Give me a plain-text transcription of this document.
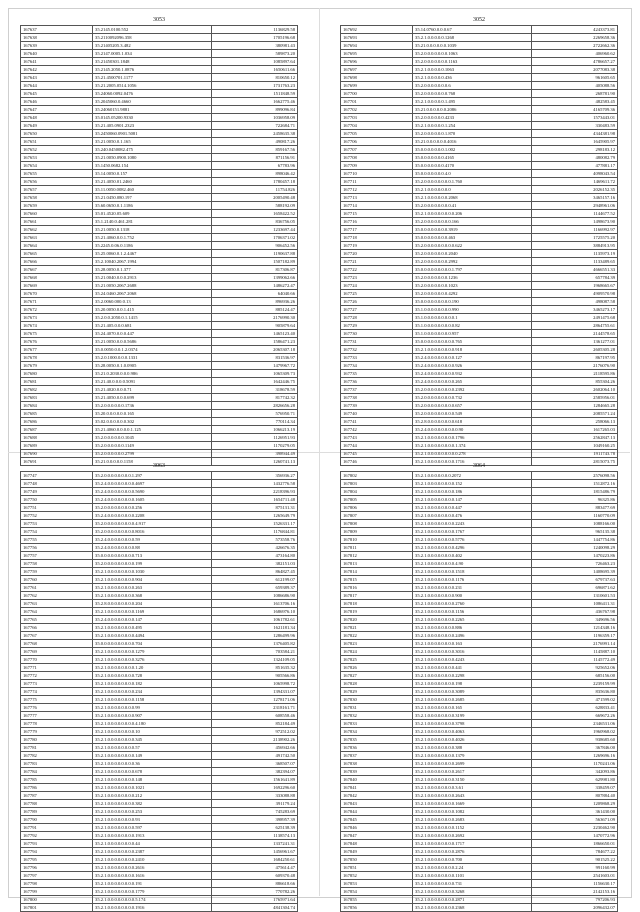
3053
167637	35.2145.0100.552	1136829.58
167638	35.2110092096.358	1705196.68
167639	35.21405205.3.482	380981.43
167640	35.2147.0005.1.034	589873.20
167641	35.21450301.1848	1085897.64
167642	35.2145.2050.1.0876	1650611.66
167643	35.21.4500701.1177	810650.12
167644	35.21.2005.0514.1056	1731763.23
167645	35.24060.0092.0476	1511848.59
167646	35.2045060.0.4660	1662775.46
167647	35.24060151.9881	899096.84
167648	35.0145.05200.9330	1036958.09
167649	35.21.405.0901.2323	722684.71
167650	35.2450060.0901.5081	2458635.38
167651	35.21.0050.0.1.165	490817.26
167652	35.240.0450082.475	859167.56
167653	35.21.0050.0900.1080	871156.91
167654	35.1450.0682.154	67783.96
167655	35.14.0050.0.157	898046.42
167656	35.21.4050.01.2460	1780457.18
167657	35.11.0050.0082.460	11754.826
167658	35.21.0450.080.197	2005490.48
167659	35.60.0650.0.1.1186	588192.09
167660	35.01.4520.05.609	1658422.52
167661	35.1.2140.0.461.281	836756.05
167662	35.21.0050.0.1318	1233697.44
167663	35.21.4060.0.0.1.752	1706371.02
167664	35.2245.0.06.0.1186	906452.56
167665	35.25.0060.0.1.2.4467	1190637.88
167666	35.2.10040.2067.1994	1507182.89
167667	35.28.0050.0.1.377	817306.87
167668	35.21.0040.0.0.0.2913	1399062.66
167669	35.21.0050.2067.2688	1486272.47
167670	35.24.0460.2067.2068	64040.66
167671	35.2.0060.000.0.13	896936.26
167672	35.20.0050.0.0.1.415	885124.47
167673	35.2.0.0.2050.0.1.1415	2176990.30
167674	35.21.405.0.0.0.681	905879.64
167675	35.24.4070.0.0.0.447	1465123.40
167676	35.21.0050.0.0.0.5686	1586471.23
167677	35.0.0050.0.0.1.2.0374	2065307.18
167678	35.2.0.1000.0.0.0.1331	831536.97
167679	35.28.0050.0.1.0.0905	1479967.72
167680	35.21.0.2030.0.0.0.986	1065309.73
167681	35.21.40.0.0.0.0.5091	1642446.75
167682	35.21.4020.0.0.0.71	318678.59
167683	35.21.4050.0.0.0.699	817742.32
167684	35.2.0.0.0.0.0.0.1736	2826656.28
167685	35.20.0.0.0.0.0.0.165	576950.71
167686	35.02.0.0.0.0.0.0.302	770114.34
167687	35.21.4060.0.0.0.0.1.125	1066213.19
167688	35.2.0.0.0.0.0.0.1045	1126951.93
167689	35.2.0.0.0.0.0.0.1149	1170279.05
167690	35.2.0.0.0.0.0.0.2799	398944.49
167691	35.21.0.0.0.0.0.1158	1260741.13
3052
167692	35.14.0760.0.0.0.67	4243373.81
167693	35.2.1.0.0.0.0.0.1268	2269658.36
167694	35.21.0.0.0.0.0.0.1039	2722662.36
167695	35.2.0.0.0.0.0.0.0.1063	406960.62
167696	35.2.0.0.0.0.0.0.0.1163	4786657.27
167697	35.2.1.0.0.0.0.0.1063	2077083.38
167698	35.2.1.0.0.0.0.0.436	961605.65
167699	35.2.0.0.0.0.0.0.0.6	405088.56
167700	35.2.0.0.0.0.0.0.0.768	268781.90
167701	35.2.1.0.0.0.0.0.1.495	482583.45
167702	35.21.0.0.0.0.0.0.2086	4165709.36
167703	35.2.0.0.0.0.0.0.4233	1573443.01
167704	35.2.1.0.0.0.0.0.1.254	330483.59
167705	35.2.0.0.0.0.0.0.1.870	4344381.98
167706	35.21.0.0.0.0.0.0.4016	1645905.97
167707	35.0.0.0.0.0.0.0.1.002	298183.12
167708	35.0.0.0.0.0.0.0.4165	480082.79
167709	35.0.0.0.0.0.0.0.4170	477881.17
167710	35.0.0.0.0.0.0.0.4.0	4098043.54
167711	35.2.0.0.0.0.0.0.0.0.1.760	1469611.72
167712	35.2.1.0.0.0.0.0.0.0	2026152.35
167713	35.2.1.0.0.0.0.0.0.2068	3465157.16
167714	35.2.0.0.0.0.0.0.0.0.41	2948961.06
167715	35.2.1.0.0.0.0.0.0.0.0.206	1144677.52
167716	35.2.0.0.0.0.0.0.0.0.166	1498673.90
167717	35.0.0.0.0.0.0.0.0.3919	1166992.97
167718	35.0.0.0.0.0.0.0.0.463	1725575.20
167719	35.2.0.0.0.0.0.0.0.0.0.622	3884913.95
167720	35.2.0.0.0.0.0.0.0.2040	1135973.19
167721	35.2.0.0.0.0.0.0.0.2992	1133489.65
167722	35.0.0.0.0.0.0.0.0.0.1.797	4666551.33
167723	35.2.0.0.0.0.0.0.0.1236	657784.39
167724	35.2.0.0.0.0.0.0.0.1023	1968665.67
167725	35.2.0.0.0.0.0.0.0.4292	4909570.98
167726	35.0.0.0.0.0.0.0.0.0.190	498087.58
167727	35.1.0.0.0.0.0.0.0.0.990	3465273.17
167728	35.1.0.0.0.0.0.0.0.0.0.1	2491475.68
167729	35.1.0.0.0.0.0.0.0.0.0.82	2864755.61
167730	35.1.0.0.0.0.0.0.0.0.957	2144578.65
167731	35.0.0.0.0.0.0.0.0.0.0.765	1361277.01
167732	35.2.1.0.0.0.0.0.0.0.0.918	2605305.28
167733	35.2.4.0.0.0.0.0.0.0.0.127	867197.95
167734	35.2.4.0.0.0.0.0.0.0.0.926	2176076.90
167735	35.2.4.0.0.0.0.0.0.0.0.932	2118595.86
167736	35.2.4.0.0.0.0.0.0.0.0.265	855304.26
167737	35.2.0.0.0.0.0.0.0.0.0.2392	2602064.10
167738	35.2.0.0.0.0.0.0.0.0.0.732	2585956.01
167739	35.2.0.0.0.0.0.0.0.0.0.657	1284665.28
167740	35.2.0.0.0.0.0.0.0.0.0.549	2085571.24
167741	35.2.8.0.0.0.0.0.0.0.0.618	258066.13
167742	35.2.4.0.0.0.0.0.0.0.0.0.90	1617265.03
167743	35.2.1.0.0.0.0.0.0.0.0.1796	2562847.13
167744	35.2.1.0.0.0.0.0.0.0.0.1.374	1049160.25
167745	35.2.1.0.0.0.0.0.0.0.0.0.278	1911743.78
167746	35.2.1.0.0.0.0.0.0.0.0.1716	2815073.75
3063
167747	35.2.0.0.0.0.0.0.0.0.1.297	356936.27
167748	35.2.4.0.0.0.0.0.0.0.0.4697	1432776.58
167749	35.2.4.0.0.0.0.0.0.0.0.5690	2218396.93
167750	35.2.4.0.0.0.0.0.0.0.0.1605	1654711.48
167751	35.2.0.0.0.0.0.0.0.0.0.256	875131.31
167752	35.2.4.0.0.0.0.0.0.0.0.2208	1265649.79
167753	35.2.0.0.0.0.0.0.0.0.0.4.917	1526331.17
167754	35.2.0.0.0.0.0.0.0.0.0.8016	1176844.81
167755	35.2.4.0.0.0.0.0.0.0.0.59	573558.76
167756	35.2.4.0.0.0.0.0.0.0.0.88	426676.35
167757	35.0.0.0.0.0.0.0.0.0.0.713	473164.80
167758	35.2.0.0.0.0.0.0.0.0.0.199	382151.03
167759	35.2.1.0.0.0.0.0.0.0.0.1030	864827.45
167760	35.2.1.0.0.0.0.0.0.0.0.904	612199.07
167761	35.2.1.0.0.0.0.0.0.0.0.263	659389.37
167762	35.2.1.0.0.0.0.0.0.0.0.368	1086686.90
167763	35.2.8.0.0.0.0.0.0.0.0.204	1613706.16
167764	35.2.1.0.0.0.0.0.0.0.0.1169	1686976.10
167765	35.2.4.0.0.0.0.0.0.0.0.147	1061782.61
167766	35.2.1.0.0.0.0.0.0.0.0.495	1621181.34
167767	35.2.1.0.0.0.0.0.0.0.0.4494	1286499.96
167768	35.0.0.0.0.0.0.0.0.0.0.704	1376405.82
167769	35.2.1.0.0.0.0.0.0.0.0.1279	703584.21
167770	35.2.1.0.0.0.0.0.0.0.0.3276	1324109.05
167771	35.2.1.0.0.0.0.0.0.0.0.1.20	851635.32
167772	35.2.1.0.0.0.0.0.0.0.0.728	905566.86
167773	35.2.1.0.0.0.0.0.0.0.0.182	1065998.72
167774	35.2.1.0.0.0.0.0.0.0.0.234	1394331.07
167775	35.2.1.0.0.0.0.0.0.0.0.1158	1278171.06
167776	35.2.1.0.0.0.0.0.0.0.0.99	2318161.71
167777	35.2.1.0.0.0.0.0.0.0.0.907	608558.46
167778	35.2.1.0.0.0.0.0.0.0.0.4.180	852184.49
167779	35.2.1.0.0.0.0.0.0.0.0.10	972512.02
167780	35.2.1.0.0.0.0.0.0.0.0.345	2138902.26
167781	35.2.1.0.0.0.0.0.0.0.0.57	456942.66
167782	35.2.1.0.0.0.0.0.0.0.0.149	491742.50
167783	35.2.1.0.0.0.0.0.0.0.0.36	368507.07
167784	35.2.1.0.0.0.0.0.0.0.0.678	382394.07
167785	35.2.1.0.0.0.0.0.0.0.0.148	1561641.89
167786	35.2.1.0.0.0.0.0.0.0.0.1021	1692296.60
167787	35.2.1.0.0.0.0.0.0.0.0.212	333088.88
167788	35.2.1.0.0.0.0.0.0.0.0.382	391179.24
167789	35.2.1.0.0.0.0.0.0.0.0.253	745283.69
167790	35.2.1.0.0.0.0.0.0.0.0.93	398957.39
167791	35.2.1.0.0.0.0.0.0.0.0.597	625138.39
167792	35.2.1.0.0.0.0.0.0.0.0.1913	1138574.13
167793	35.2.1.0.0.0.0.0.0.0.0.44	1337241.31
167794	35.2.1.0.0.0.0.0.0.0.0.2387	1456961.67
167795	35.2.1.0.0.0.0.0.0.0.0.2410	1684250.61
167796	35.2.1.0.0.0.0.0.0.0.0.2616	475614.47
167797	35.2.1.0.0.0.0.0.0.0.0.1616	609370.48
167798	35.2.1.0.0.0.0.0.0.0.0.191	886618.66
167799	35.2.1.0.0.0.0.0.0.0.0.1779	770782.26
167800	35.2.1.0.0.0.0.0.0.0.0.5.174	1765971.64
167801	35.2.1.0.0.0.0.0.0.0.0.1916	4841304.74
3064
167802	35.2.1.0.0.0.0.0.0.0.2072	2576098.56
167803	35.2.1.0.0.0.0.0.0.0.0.152	1512872.16
167804	35.2.1.0.0.0.0.0.0.0.0.186	1815486.79
167805	35.2.1.0.0.0.0.0.0.0.0.147	96325.86
167806	35.2.1.0.0.0.0.0.0.0.0.447	883477.69
167807	35.2.1.0.0.0.0.0.0.0.0.476	1160770.09
167808	35.2.1.0.0.0.0.0.0.0.0.2243	1088166.00
167809	35.2.1.0.0.0.0.0.0.0.0.1767	965135.38
167810	35.2.1.0.0.0.0.0.0.0.0.5776	1447754.86
167811	35.2.1.0.0.0.0.0.0.0.0.4296	1240098.29
167812	35.2.1.0.0.0.0.0.0.0.0.402	1470223.86
167813	35.2.1.0.0.0.0.0.0.0.0.4.90	726463.23
167814	35.2.1.0.0.0.0.0.0.0.0.1518	1408695.39
167815	35.2.1.0.0.0.0.0.0.0.0.1176	679737.63
167816	35.2.1.0.0.0.0.0.0.0.0.231	696871.62
167817	35.2.1.0.0.0.0.0.0.0.0.900	1310601.53
167818	35.2.1.0.0.0.0.0.0.0.0.2760	1086411.31
167819	35.2.1.0.0.0.0.0.0.0.0.1156	436767.98
167820	35.2.1.0.0.0.0.0.0.0.0.2265	349696.56
167821	35.2.1.0.0.0.0.0.0.0.0.886	1214348.16
167822	35.2.1.0.0.0.0.0.0.0.0.2496	1196359.17
167823	35.2.1.0.0.0.0.0.0.0.0.163	2176991.14
167824	35.2.1.0.0.0.0.0.0.0.0.3016	1145887.10
167825	35.2.1.0.0.0.0.0.0.0.0.4243	1145772.49
167826	35.2.1.0.0.0.0.0.0.0.0.441	925652.06
167827	35.2.1.0.0.0.0.0.0.0.0.2298	685156.00
167828	35.2.1.0.0.0.0.0.0.0.0.198	2239159.99
167829	35.2.1.0.0.0.0.0.0.0.0.3089	835636.80
167830	35.2.1.0.0.0.0.0.0.0.0.2685	471599.02
167831	35.2.1.0.0.0.0.0.0.0.0.165	628833.41
167832	35.2.1.0.0.0.0.0.0.0.0.3199	669672.26
167833	35.2.1.0.0.0.0.0.0.0.0.3798	2346531.06
167834	35.2.1.0.0.0.0.0.0.0.0.4063	1960968.02
167835	35.2.1.0.0.0.0.0.0.0.0.4026	938685.60
167836	35.2.1.0.0.0.0.0.0.0.0.388	367846.00
167837	35.2.1.0.0.0.0.0.0.0.0.1379	1269696.16
167838	35.2.1.0.0.0.0.0.0.0.0.2699	1170241.06
167839	35.2.1.0.0.0.0.0.0.0.0.2617	342093.86
167840	35.2.1.0.0.0.0.0.0.0.0.3150	629981.80
167841	35.2.1.0.0.0.0.0.0.0.0.3.61	338459.07
167842	35.2.1.0.0.0.0.0.0.0.0.2643	807884.40
167843	35.2.1.0.0.0.0.0.0.0.0.1669	1209868.29
167844	35.2.1.0.0.0.0.0.0.0.0.1082	361430.00
167845	35.2.1.0.0.0.0.0.0.0.0.2683	563671.09
167846	35.2.1.0.0.0.0.0.0.0.0.1152	2230462.90
167847	35.2.1.0.0.0.0.0.0.0.0.2692	1470772.96
167848	35.2.1.0.0.0.0.0.0.0.0.1717	1866650.01
167849	35.2.1.0.0.0.0.0.0.0.0.2876	784677.22
167850	35.2.1.0.0.0.0.0.0.0.0.700	901525.22
167851	35.2.1.0.0.0.0.0.0.0.0.2.24	991160.99
167852	35.2.1.0.0.0.0.0.0.0.0.1101	2541603.01
167853	35.2.1.0.0.0.0.0.0.0.0.731	1156630.17
167854	35.2.1.0.0.0.0.0.0.0.0.3268	2142153.16
167855	35.2.1.0.0.0.0.0.0.0.0.2871	797206.93
167856	35.2.1.0.0.0.0.0.0.0.0.2368	2096432.07
